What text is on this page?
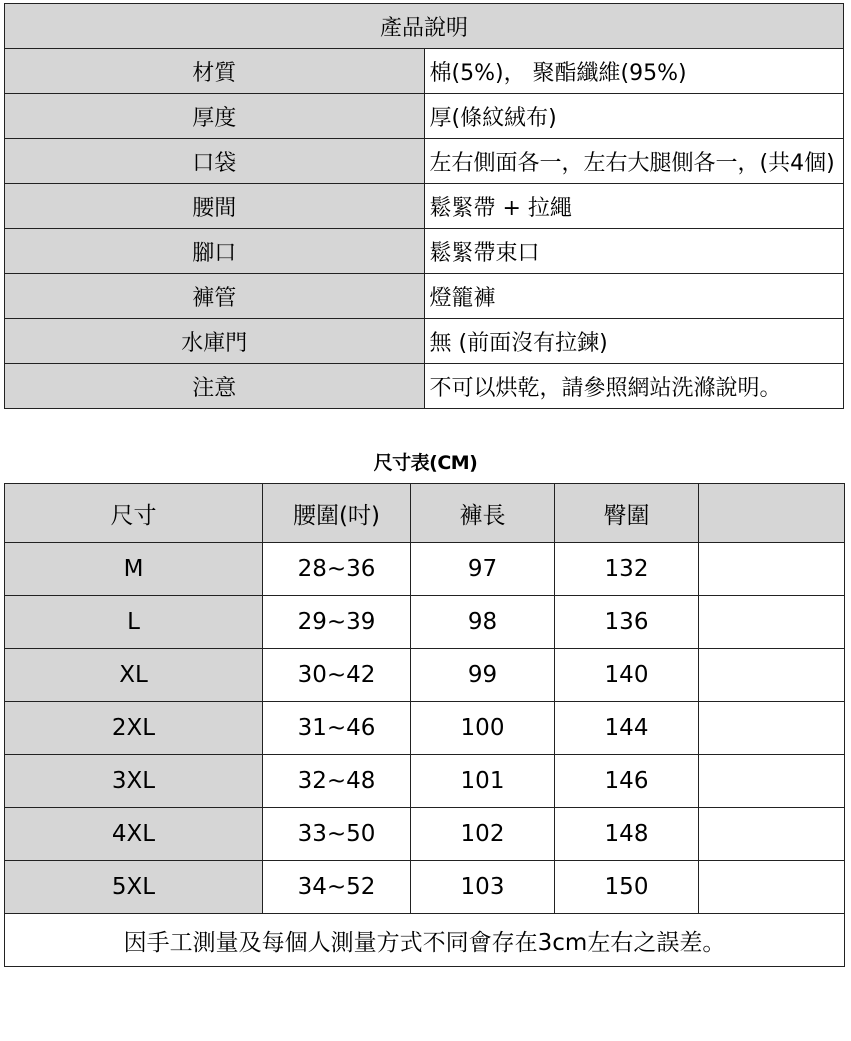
產品說明	
材質	棉(5%)， 聚酯纖維(95%)
厚度	厚(條紋絨布)
口袋	左右側面各一，左右大腿側各一，(共4個)
腰間	鬆緊帶 + 拉繩
腳口	鬆緊帶束口
褲管	燈籠褲
水庫門	無 (前面沒有拉鍊)
注意	不可以烘乾，請參照網站洗滌說明。
尺寸表(CM)
尺寸	腰圍(吋)	褲長	臀圍	
M	28~36	97	132	
L	29~39	98	136	
XL	30~42	99	140	
2XL	31~46	100	144	
3XL	32~48	101	146	
4XL	33~50	102	148	
5XL	34~52	103	150	
因手工測量及每個人測量方式不同會存在3cm左右之誤差。				
